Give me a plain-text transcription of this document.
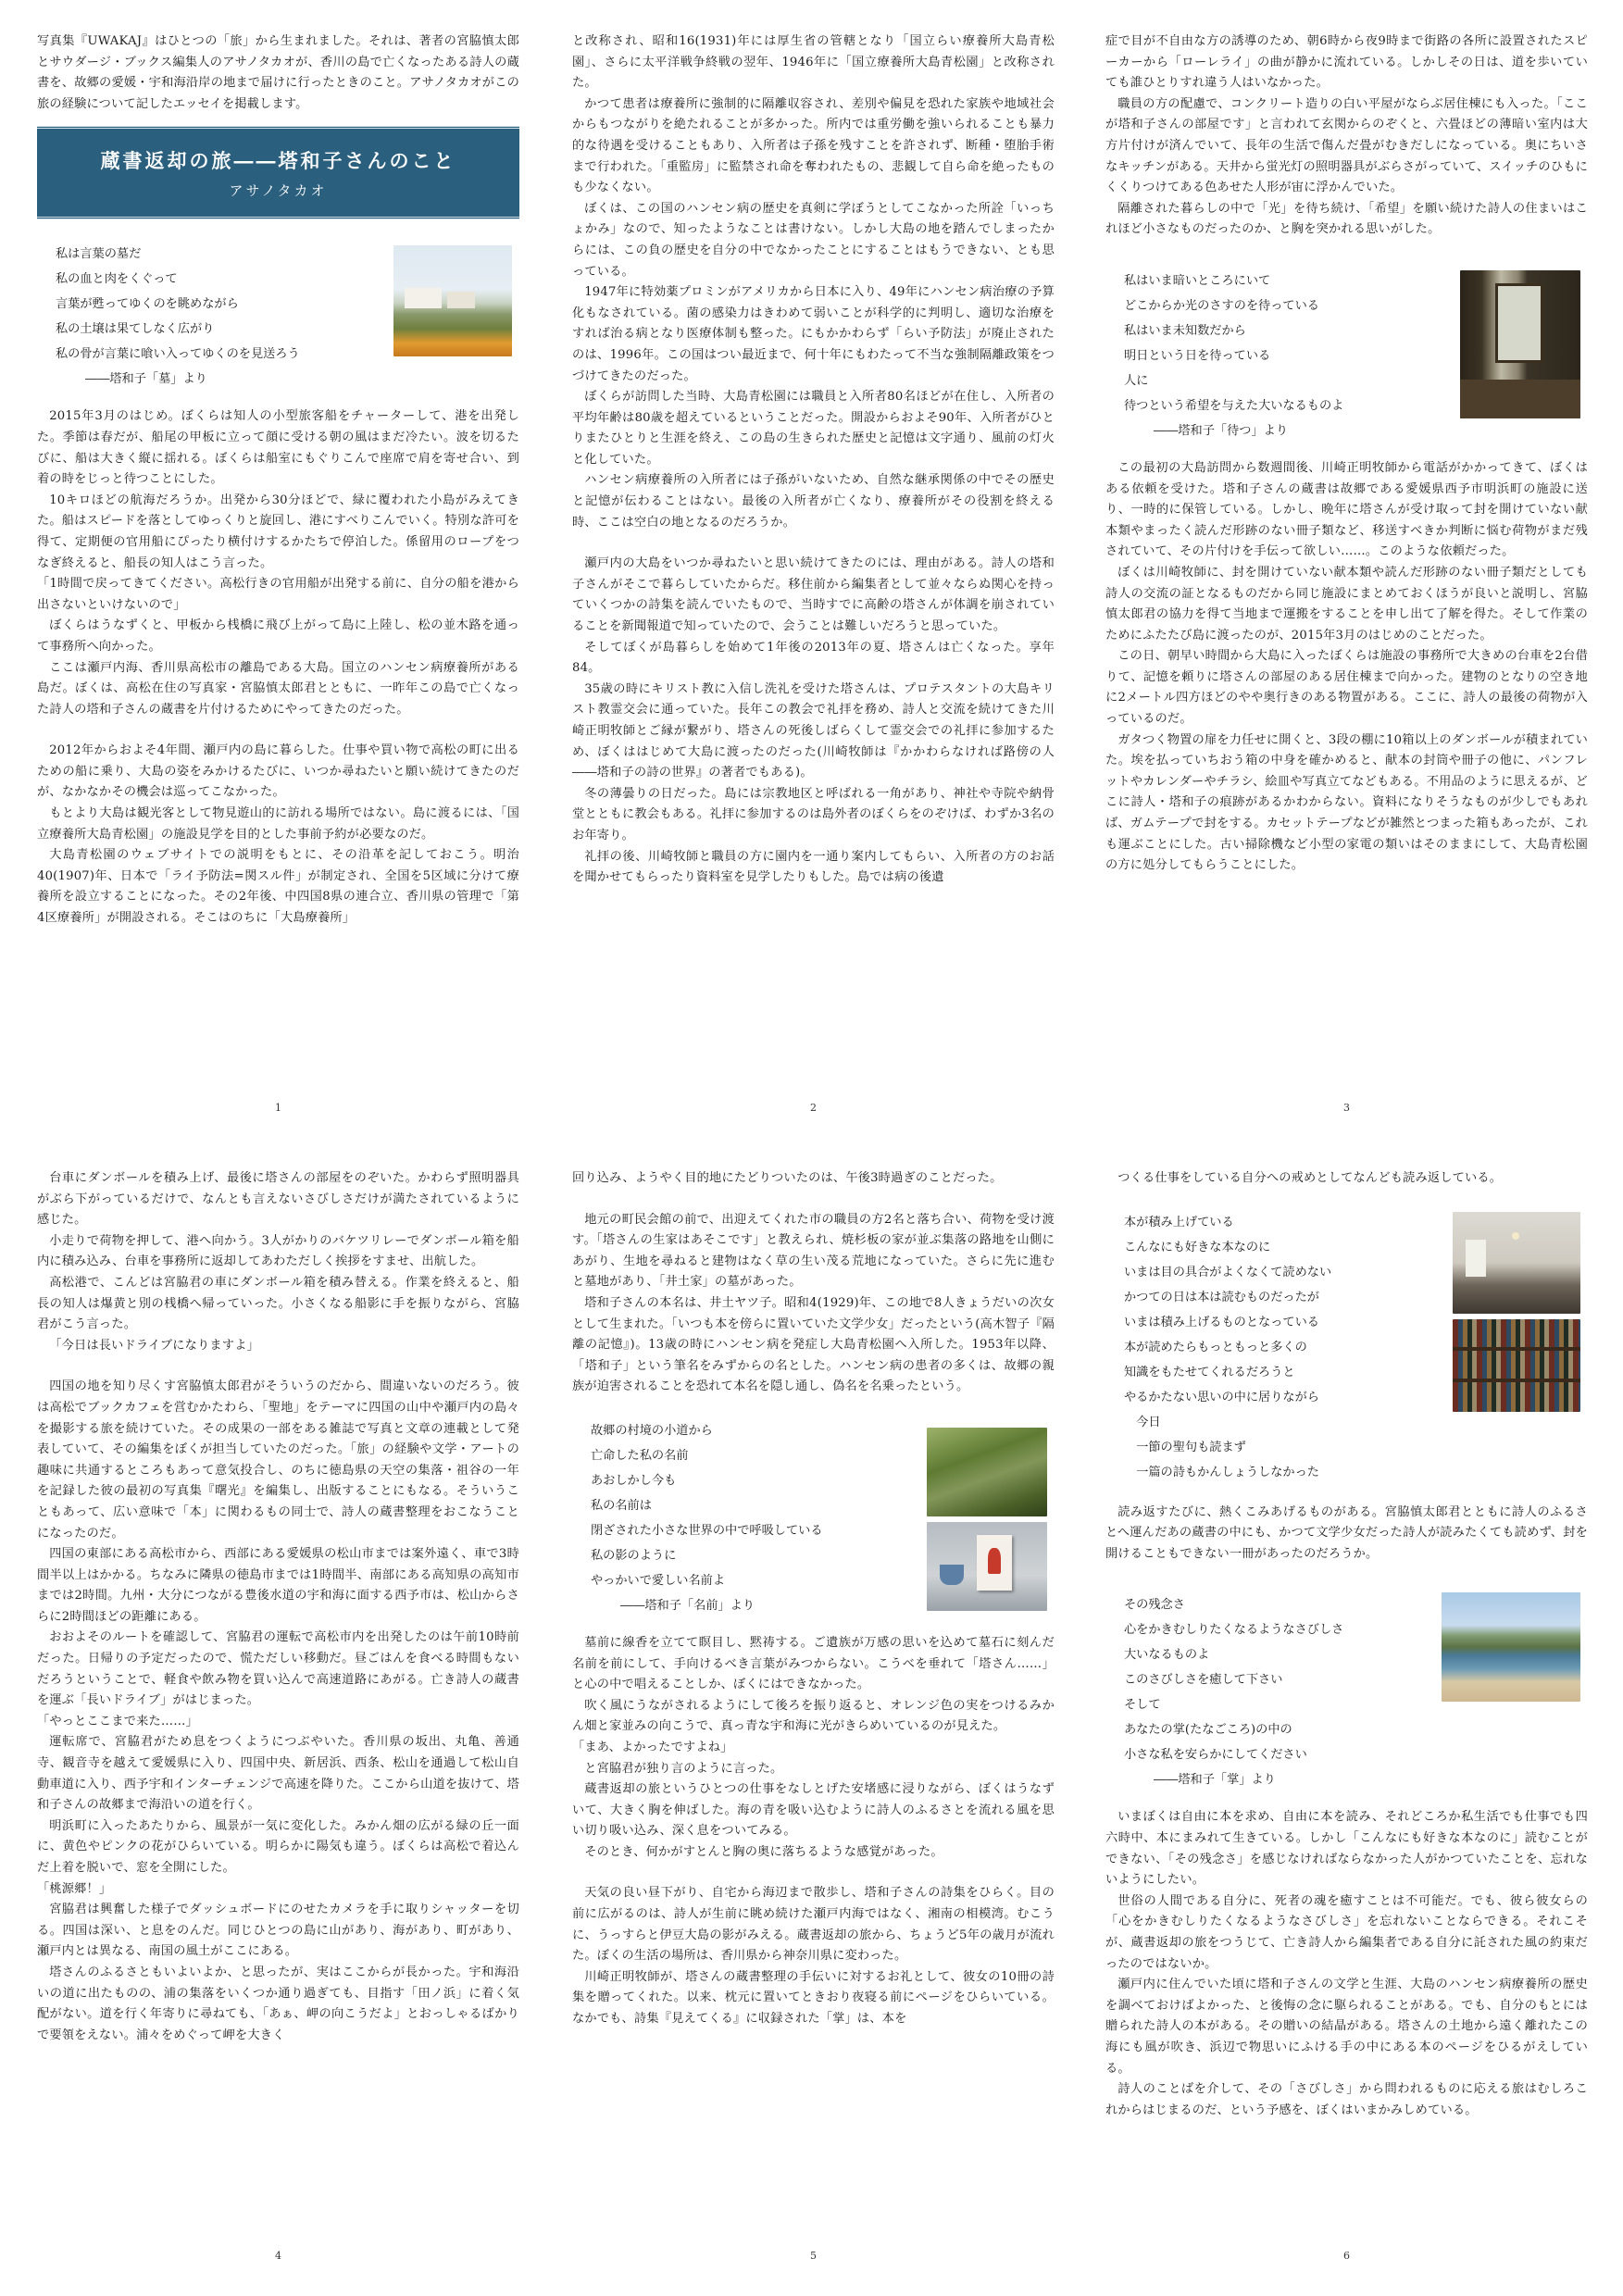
写真集『UWAKAJ』はひとつの「旅」から生まれました。それは、著者の宮脇慎太郎とサウダージ・ブックス編集人のアサノタカオが、香川の島で亡くなったある詩人の蔵書を、故郷の愛媛・宇和海沿岸の地まで届けに行ったときのこと。アサノタカオがこの旅の経験について記したエッセイを掲載します。

蔵書返却の旅――塔和子さんのこと
アサノタカオ
私は言葉の墓だ
私の血と肉をくぐって
言葉が甦ってゆくのを眺めながら
私の土壌は果てしなく広がり
私の骨が言葉に喰い入ってゆくのを見送ろう
――塔和子「墓」より

2015年3月のはじめ。ぼくらは知人の小型旅客船をチャーターして、港を出発した。季節は春だが、船尾の甲板に立って顔に受ける朝の風はまだ冷たい。波を切るたびに、船は大きく縦に揺れる。ぼくらは船室にもぐりこんで座席で肩を寄せ合い、到着の時をじっと待つことにした。

10キロほどの航海だろうか。出発から30分ほどで、緑に覆われた小島がみえてきた。船はスピードを落としてゆっくりと旋回し、港にすべりこんでいく。特別な許可を得て、定期便の官用船にぴったり横付けするかたちで停泊した。係留用のロープをつなぎ終えると、船長の知人はこう言った。

「1時間で戻ってきてください。高松行きの官用船が出発する前に、自分の船を港から出さないといけないので」

ぼくらはうなずくと、甲板から桟橋に飛び上がって島に上陸し、松の並木路を通って事務所へ向かった。

ここは瀬戸内海、香川県高松市の離島である大島。国立のハンセン病療養所がある島だ。ぼくは、高松在住の写真家・宮脇慎太郎君とともに、一昨年この島で亡くなった詩人の塔和子さんの蔵書を片付けるためにやってきたのだった。

2012年からおよそ4年間、瀬戸内の島に暮らした。仕事や買い物で高松の町に出るための船に乗り、大島の姿をみかけるたびに、いつか尋ねたいと願い続けてきたのだが、なかなかその機会は巡ってこなかった。

もとより大島は観光客として物見遊山的に訪れる場所ではない。島に渡るには、「国立療養所大島青松園」の施設見学を目的とした事前予約が必要なのだ。

大島青松園のウェブサイトでの説明をもとに、その沿革を記しておこう。明治40(1907)年、日本で「ライ予防法=関スル件」が制定され、全国を5区域に分けて療養所を設立することになった。その2年後、中四国8県の連合立、香川県の管理で「第4区療養所」が開設される。そこはのちに「大島療養所」

1

と改称され、昭和16(1931)年には厚生省の管轄となり「国立らい療養所大島青松園」、さらに太平洋戦争終戦の翌年、1946年に「国立療養所大島青松園」と改称された。

かつて患者は療養所に強制的に隔離収容され、差別や偏見を恐れた家族や地域社会からもつながりを絶たれることが多かった。所内では重労働を強いられることも暴力的な待遇を受けることもあり、入所者は子孫を残すことを許されず、断種・堕胎手術まで行われた。「重監房」に監禁され命を奪われたもの、悲観して自ら命を絶ったものも少なくない。

ぼくは、この国のハンセン病の歴史を真剣に学ぼうとしてこなかった所詮「いっちょかみ」なので、知ったようなことは書けない。しかし大島の地を踏んでしまったからには、この負の歴史を自分の中でなかったことにすることはもうできない、とも思っている。

1947年に特効薬プロミンがアメリカから日本に入り、49年にハンセン病治療の予算化もなされている。菌の感染力はきわめて弱いことが科学的に判明し、適切な治療をすれば治る病となり医療体制も整った。にもかかわらず「らい予防法」が廃止されたのは、1996年。この国はつい最近まで、何十年にもわたって不当な強制隔離政策をつづけてきたのだった。

ぼくらが訪問した当時、大島青松園には職員と入所者80名ほどが在住し、入所者の平均年齢は80歳を超えているということだった。開設からおよそ90年、入所者がひとりまたひとりと生涯を終え、この島の生きられた歴史と記憶は文字通り、風前の灯火と化していた。

ハンセン病療養所の入所者には子孫がいないため、自然な継承関係の中でその歴史と記憶が伝わることはない。最後の入所者が亡くなり、療養所がその役割を終える時、ここは空白の地となるのだろうか。

瀬戸内の大島をいつか尋ねたいと思い続けてきたのには、理由がある。詩人の塔和子さんがそこで暮らしていたからだ。移住前から編集者として並々ならぬ関心を持っていくつかの詩集を読んでいたもので、当時すでに高齢の塔さんが体調を崩されていることを新聞報道で知っていたので、会うことは難しいだろうと思っていた。

そしてぼくが島暮らしを始めて1年後の2013年の夏、塔さんは亡くなった。享年84。

35歳の時にキリスト教に入信し洗礼を受けた塔さんは、プロテスタントの大島キリスト教霊交会に通っていた。長年この教会で礼拝を務め、詩人と交流を続けてきた川崎正明牧師とご縁が繋がり、塔さんの死後しばらくして霊交会での礼拝に参加するため、ぼくははじめて大島に渡ったのだった(川崎牧師は『かかわらなければ路傍の人――塔和子の詩の世界』の著者でもある)。

冬の薄曇りの日だった。島には宗教地区と呼ばれる一角があり、神社や寺院や納骨堂とともに教会もある。礼拝に参加するのは島外者のぼくらをのぞけば、わずか3名のお年寄り。

礼拝の後、川崎牧師と職員の方に園内を一通り案内してもらい、入所者の方のお話を聞かせてもらったり資料室を見学したりもした。島では病の後遺

2

症で目が不自由な方の誘導のため、朝6時から夜9時まで街路の各所に設置されたスピーカーから「ローレライ」の曲が静かに流れている。しかしその日は、道を歩いていても誰ひとりすれ違う人はいなかった。

職員の方の配慮で、コンクリート造りの白い平屋がならぶ居住棟にも入った。「ここが塔和子さんの部屋です」と言われて玄関からのぞくと、六畳ほどの薄暗い室内は大方片付けが済んでいて、長年の生活で傷んだ畳がむきだしになっている。奥にちいさなキッチンがある。天井から蛍光灯の照明器具がぶらさがっていて、スイッチのひもにくくりつけてある色あせた人形が宙に浮かんでいた。

隔離された暮らしの中で「光」を待ち続け、「希望」を願い続けた詩人の住まいはこれほど小さなものだったのか、と胸を突かれる思いがした。

私はいま暗いところにいて
どこからか光のさすのを待っている
私はいま未知数だから
明日という日を待っている
人に
待つという希望を与えた大いなるものよ
――塔和子「待つ」より

この最初の大島訪問から数週間後、川崎正明牧師から電話がかかってきて、ぼくはある依頼を受けた。塔和子さんの蔵書は故郷である愛媛県西予市明浜町の施設に送り、一時的に保管している。しかし、晩年に塔さんが受け取って封を開けていない献本類やまったく読んだ形跡のない冊子類など、移送すべきか判断に悩む荷物がまだ残されていて、その片付けを手伝って欲しい……。このような依頼だった。

ぼくは川崎牧師に、封を開けていない献本類や読んだ形跡のない冊子類だとしても詩人の交流の証となるものだから同じ施設にまとめておくほうが良いと説明し、宮脇慎太郎君の協力を得て当地まで運搬をすることを申し出て了解を得た。そして作業のためにふたたび島に渡ったのが、2015年3月のはじめのことだった。

この日、朝早い時間から大島に入ったぼくらは施設の事務所で大きめの台車を2台借りて、記憶を頼りに塔さんの部屋のある居住棟まで向かった。建物のとなりの空き地に2メートル四方ほどのやや奥行きのある物置がある。ここに、詩人の最後の荷物が入っているのだ。

ガタつく物置の扉を力任せに開くと、3段の棚に10箱以上のダンボールが積まれていた。埃を払っていちおう箱の中身を確かめると、献本の封筒や冊子の他に、パンフレットやカレンダーやチラシ、絵皿や写真立てなどもある。不用品のように思えるが、どこに詩人・塔和子の痕跡があるかわからない。資料になりそうなものが少しでもあれば、ガムテープで封をする。カセットテープなどが雑然とつまった箱もあったが、これも運ぶことにした。古い掃除機など小型の家電の類いはそのままにして、大島青松園の方に処分してもらうことにした。

3

台車にダンボールを積み上げ、最後に塔さんの部屋をのぞいた。かわらず照明器具がぶら下がっているだけで、なんとも言えないさびしさだけが満たされているように感じた。

小走りで荷物を押して、港へ向かう。3人がかりのバケツリレーでダンボール箱を船内に積み込み、台車を事務所に返却してあわただしく挨拶をすませ、出航した。

高松港で、こんどは宮脇君の車にダンボール箱を積み替える。作業を終えると、船長の知人は爆黄と別の桟橋へ帰っていった。小さくなる船影に手を振りながら、宮脇君がこう言った。

「今日は長いドライブになりますよ」

四国の地を知り尽くす宮脇慎太郎君がそういうのだから、間違いないのだろう。彼は高松でブックカフェを営むかたわら、「聖地」をテーマに四国の山中や瀬戸内の島々を撮影する旅を続けていた。その成果の一部をある雑誌で写真と文章の連載として発表していて、その編集をぼくが担当していたのだった。「旅」の経験や文学・アートの趣味に共通するところもあって意気投合し、のちに徳島県の天空の集落・祖谷の一年を記録した彼の最初の写真集『曙光』を編集し、出版することにもなる。そういうこともあって、広い意味で「本」に関わるもの同士で、詩人の蔵書整理をおこなうことになったのだ。

四国の東部にある高松市から、西部にある愛媛県の松山市までは案外遠く、車で3時間半以上はかかる。ちなみに隣県の徳島市までは1時間半、南部にある高知県の高知市までは2時間。九州・大分につながる豊後水道の宇和海に面する西予市は、松山からさらに2時間ほどの距離にある。

おおよそのルートを確認して、宮脇君の運転で高松市内を出発したのは午前10時前だった。日帰りの予定だったので、慌ただしい移動だ。昼ごはんを食べる時間もないだろうということで、軽食や飲み物を買い込んで高速道路にあがる。亡き詩人の蔵書を運ぶ「長いドライブ」がはじまった。

「やっとここまで来た……」

運転席で、宮脇君がため息をつくようにつぶやいた。香川県の坂出、丸亀、善通寺、観音寺を越えて愛媛県に入り、四国中央、新居浜、西条、松山を通過して松山自動車道に入り、西予宇和インターチェンジで高速を降りた。ここから山道を抜けて、塔和子さんの故郷まで海沿いの道を行く。

明浜町に入ったあたりから、風景が一気に変化した。みかん畑の広がる緑の丘一面に、黄色やピンクの花がひらいている。明らかに陽気も違う。ぼくらは高松で着込んだ上着を脱いで、窓を全開にした。

「桃源郷！」

宮脇君は興奮した様子でダッシュボードにのせたカメラを手に取りシャッターを切る。四国は深い、と息をのんだ。同じひとつの島に山があり、海があり、町があり、瀬戸内とは異なる、南国の風土がここにある。

塔さんのふるさともいよいよか、と思ったが、実はここからが長かった。宇和海沿いの道に出たものの、浦の集落をいくつか通り過ぎても、目指す「田ノ浜」に着く気配がない。道を行く年寄りに尋ねても、「あぁ、岬の向こうだよ」とおっしゃるばかりで要領をえない。浦々をめぐって岬を大きく

4

回り込み、ようやく目的地にたどりついたのは、午後3時過ぎのことだった。

地元の町民会館の前で、出迎えてくれた市の職員の方2名と落ち合い、荷物を受け渡す。「塔さんの生家はあそこです」と教えられ、焼杉板の家が並ぶ集落の路地を山側にあがり、生地を尋ねると建物はなく草の生い茂る荒地になっていた。さらに先に進むと墓地があり、「井土家」の墓があった。

塔和子さんの本名は、井土ヤツ子。昭和4(1929)年、この地で8人きょうだいの次女として生まれた。「いつも本を傍らに置いていた文学少女」だったという(高木智子『隔離の記憶』)。13歳の時にハンセン病を発症し大島青松園へ入所した。1953年以降、「塔和子」という筆名をみずからの名とした。ハンセン病の患者の多くは、故郷の親族が迫害されることを恐れて本名を隠し通し、偽名を名乗ったという。

故郷の村境の小道から
亡命した私の名前
あおしかし今も
私の名前は
閉ざされた小さな世界の中で呼吸している
私の影のように
やっかいで愛しい名前よ
――塔和子「名前」より

墓前に線香を立てて瞑目し、黙祷する。ご遺族が万感の思いを込めて墓石に刻んだ名前を前にして、手向けるべき言葉がみつからない。こうべを垂れて「塔さん……」と心の中で唱えることしか、ぼくにはできなかった。

吹く風にうながされるようにして後ろを振り返ると、オレンジ色の実をつけるみかん畑と家並みの向こうで、真っ青な宇和海に光がきらめいているのが見えた。

「まあ、よかったですよね」

と宮脇君が独り言のように言った。

蔵書返却の旅というひとつの仕事をなしとげた安堵感に浸りながら、ぼくはうなずいて、大きく胸を伸ばした。海の青を吸い込むように詩人のふるさとを流れる風を思い切り吸い込み、深く息をついてみる。

そのとき、何かがすとんと胸の奥に落ちるような感覚があった。

天気の良い昼下がり、自宅から海辺まで散歩し、塔和子さんの詩集をひらく。目の前に広がるのは、詩人が生前に眺め続けた瀬戸内海ではなく、湘南の相模湾。むこうに、うっすらと伊豆大島の影がみえる。蔵書返却の旅から、ちょうど5年の歳月が流れた。ぼくの生活の場所は、香川県から神奈川県に変わった。

川崎正明牧師が、塔さんの蔵書整理の手伝いに対するお礼として、彼女の10冊の詩集を贈ってくれた。以来、枕元に置いてときおり夜寝る前にページをひらいている。なかでも、詩集『見えてくる』に収録された「掌」は、本を

5

つくる仕事をしている自分への戒めとしてなんども読み返している。

本が積み上げている
こんなにも好きな本なのに
いまは目の具合がよくなくて読めない
かつての日は本は読むものだったが
いまは積み上げるものとなっている
本が読めたらもっともっと多くの
知識をもたせてくれるだろうと
やるかたない思いの中に居りながら
　今日
　一節の聖句も読まず
　一篇の詩もかんしょうしなかった

読み返すたびに、熱くこみあげるものがある。宮脇慎太郎君とともに詩人のふるさとへ運んだあの蔵書の中にも、かつて文学少女だった詩人が読みたくても読めず、封を開けることもできない一冊があったのだろうか。

その残念さ
心をかきむしりたくなるようなさびしさ
大いなるものよ
このさびしさを癒して下さい
そして
あなたの掌(たなごころ)の中の
小さな私を安らかにしてください
――塔和子「掌」より

いまぼくは自由に本を求め、自由に本を読み、それどころか私生活でも仕事でも四六時中、本にまみれて生きている。しかし「こんなにも好きな本なのに」読むことができない、「その残念さ」を感じなければならなかった人がかつていたことを、忘れないようにしたい。

世俗の人間である自分に、死者の魂を癒すことは不可能だ。でも、彼ら彼女らの「心をかきむしりたくなるようなさびしさ」を忘れないことならできる。それこそが、蔵書返却の旅をつうじて、亡き詩人から編集者である自分に託された風の約束だったのではないか。

瀬戸内に住んでいた頃に塔和子さんの文学と生涯、大島のハンセン病療養所の歴史を調べておけばよかった、と後悔の念に駆られることがある。でも、自分のもとには贈られた詩人の本がある。その贈いの結晶がある。塔さんの土地から遠く離れたこの海にも風が吹き、浜辺で物思いにふける手の中にある本のページをひるがえしている。

詩人のことばを介して、その「さびしさ」から問われるものに応える旅はむしろこれからはじまるのだ、という予感を、ぼくはいまかみしめている。

6
